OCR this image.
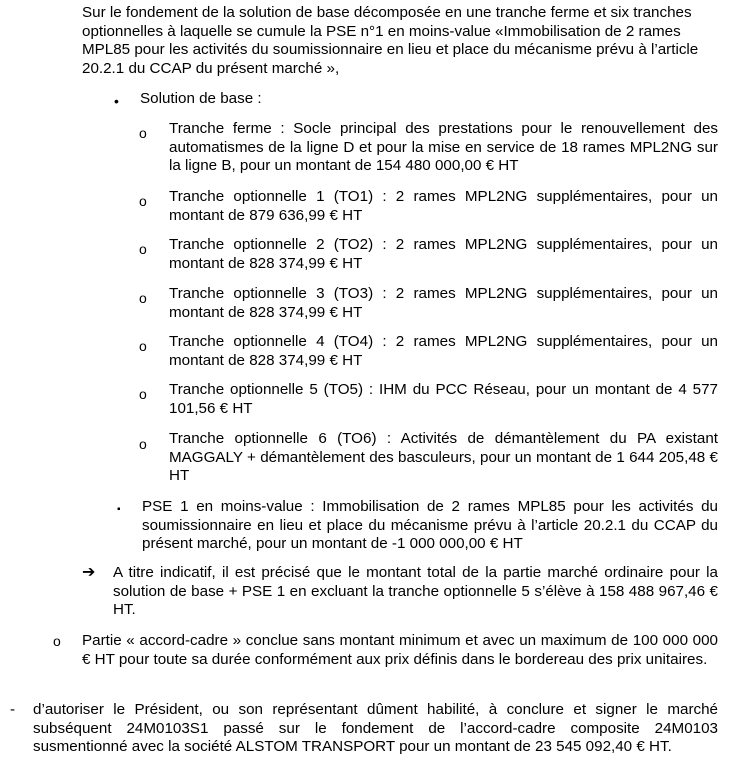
Sur le fondement de la solution de base décomposée en une tranche ferme et six tranches optionnelles à laquelle se cumule la PSE n°1 en moins-value «Immobilisation de 2 rames MPL85 pour les activités du soumissionnaire en lieu et place du mécanisme prévu à l’article 20.2.1 du CCAP du présent marché »,
• Solution de base :
o Tranche ferme : Socle principal des prestations pour le renouvellement des automatismes de la ligne D et pour la mise en service de 18 rames MPL2NG sur la ligne B, pour un montant de 154 480 000,00 € HT
o Tranche optionnelle 1 (TO1) : 2 rames MPL2NG supplémentaires, pour un montant de 879 636,99 € HT
o Tranche optionnelle 2 (TO2) : 2 rames MPL2NG supplémentaires, pour un montant de 828 374,99 € HT
o Tranche optionnelle 3 (TO3) : 2 rames MPL2NG supplémentaires, pour un montant de 828 374,99 € HT
o Tranche optionnelle 4 (TO4) : 2 rames MPL2NG supplémentaires, pour un montant de 828 374,99 € HT
o Tranche optionnelle 5 (TO5) : IHM du PCC Réseau, pour un montant de 4 577 101,56 € HT
o Tranche optionnelle 6 (TO6) : Activités de démantèlement du PA existant MAGGALY + démantèlement des basculeurs, pour un montant de 1 644 205,48 € HT
▪ PSE 1 en moins-value : Immobilisation de 2 rames MPL85 pour les activités du soumissionnaire en lieu et place du mécanisme prévu à l’article 20.2.1 du CCAP du présent marché, pour un montant de -1 000 000,00 € HT
➔ A titre indicatif, il est précisé que le montant total de la partie marché ordinaire pour la solution de base + PSE 1 en excluant la tranche optionnelle 5 s’élève à 158 488 967,46 € HT.
o Partie « accord-cadre » conclue sans montant minimum et avec un maximum de 100 000 000 € HT pour toute sa durée conformément aux prix définis dans le bordereau des prix unitaires.
- d’autoriser le Président, ou son représentant dûment habilité, à conclure et signer le marché subséquent 24M0103S1 passé sur le fondement de l’accord-cadre composite 24M0103 susmentionné avec la société ALSTOM TRANSPORT pour un montant de 23 545 092,40 € HT.
